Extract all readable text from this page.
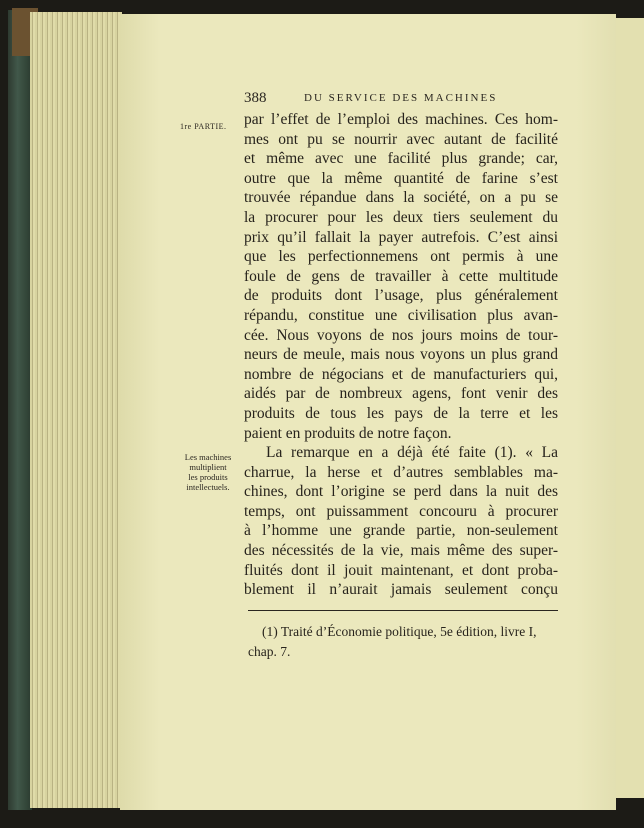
388	DU SERVICE DES MACHINES
1re PARTIE.
Les machines
multiplient
les produits
intellectuels.
par l’effet de l’emploi des machines. Ces hom-
mes ont pu se nourrir avec autant de facilité
et même avec une facilité plus grande; car,
outre que la même quantité de farine s’est
trouvée répandue dans la société, on a pu se
la procurer pour les deux tiers seulement du
prix qu’il fallait la payer autrefois. C’est ainsi
que les perfectionnemens ont permis à une
foule de gens de travailler à cette multitude
de produits dont l’usage, plus généralement
répandu, constitue une civilisation plus avan-
cée. Nous voyons de nos jours moins de tour-
neurs de meule, mais nous voyons un plus grand
nombre de négocians et de manufacturiers qui,
aidés par de nombreux agens, font venir des
produits de tous les pays de la terre et les
paient en produits de notre façon.
La remarque en a déjà été faite (1). « La
charrue, la herse et d’autres semblables ma-
chines, dont l’origine se perd dans la nuit des
temps, ont puissamment concouru à procurer
à l’homme une grande partie, non-seulement
des nécessités de la vie, mais même des super-
fluités dont il jouit maintenant, et dont proba-
blement il n’aurait jamais seulement conçu
(1) Traité d’Économie politique, 5e édition, livre I,
chap. 7.
